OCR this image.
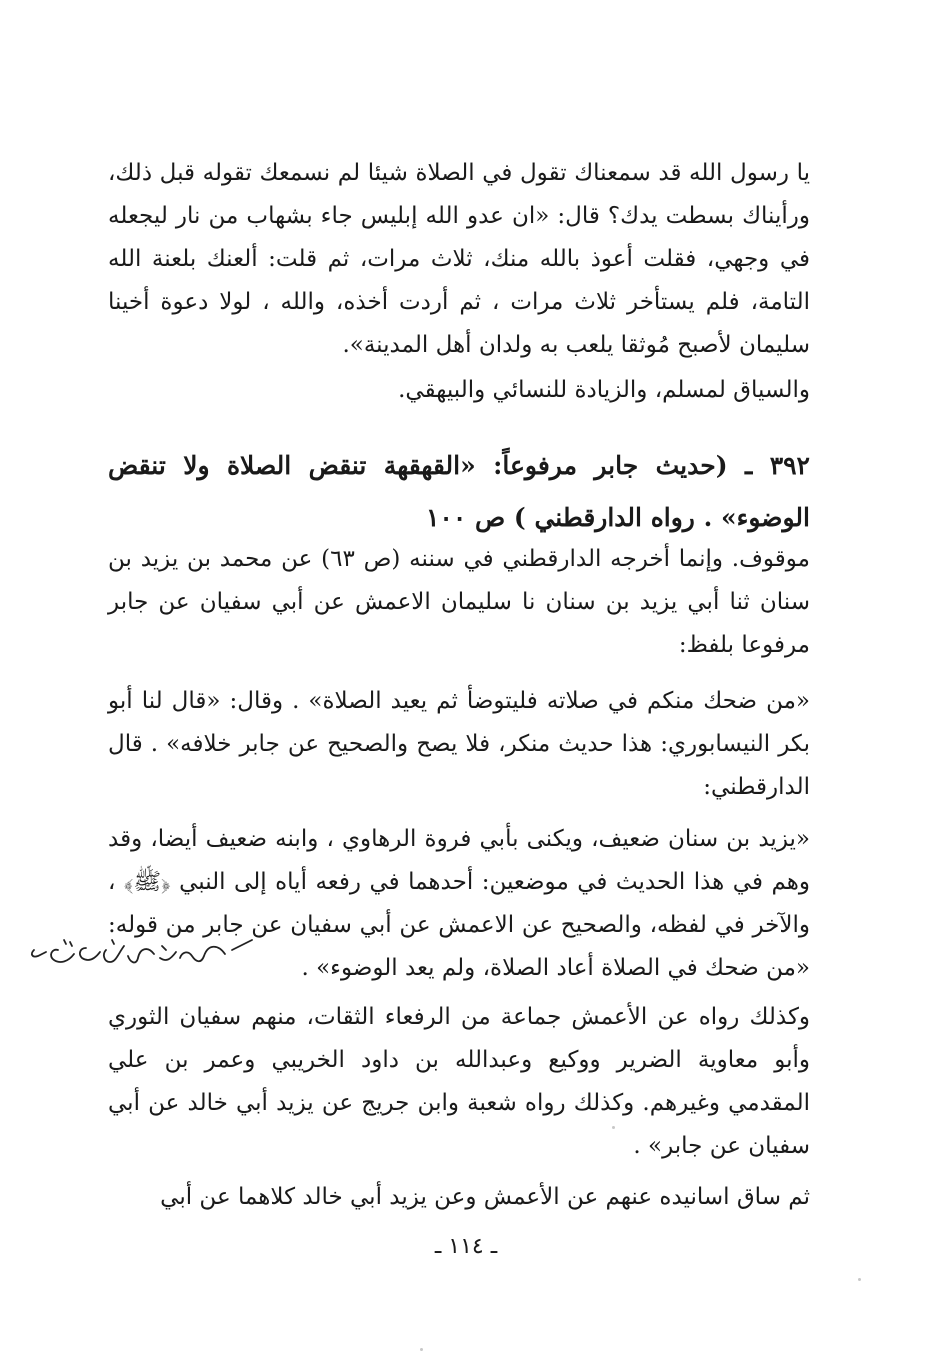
يا رسول الله قد سمعناك تقول في الصلاة شيئا لم نسمعك تقوله قبل ذلك، ورأيناك بسطت يدك؟ قال: «ان عدو الله إبليس جاء بشهاب من نار ليجعله في وجهي، فقلت أعوذ بالله منك، ثلاث مرات، ثم قلت: ألعنك بلعنة الله التامة، فلم يستأخر ثلاث مرات ، ثم أردت أخذه، والله ، لولا دعوة أخينا سليمان لأصبح مُوثقا يلعب به ولدان أهل المدينة».

والسياق لمسلم، والزيادة للنسائي والبيهقي.

٣٩٢ ـ (حديث جابر مرفوعاً: «القهقهة تنقض الصلاة ولا تنقض الوضوء» . رواه الدارقطني ) ص ١٠٠

موقوف. وإنما أخرجه الدارقطني في سننه (ص ٦٣) عن محمد بن يزيد بن سنان ثنا أبي يزيد بن سنان نا سليمان الاعمش عن أبي سفيان عن جابر مرفوعا بلفظ:

«من ضحك منكم في صلاته فليتوضأ ثم يعيد الصلاة» . وقال: «قال لنا أبو بكر النيسابوري: هذا حديث منكر، فلا يصح والصحيح عن جابر خلافه» . قال الدارقطني:

«يزيد بن سنان ضعيف، ويكنى بأبي فروة الرهاوي ، وابنه ضعيف أيضا، وقد وهم في هذا الحديث في موضعين: أحدهما في رفعه أياه إلى النبي ﴿ﷺ﴾ ، والآخر في لفظه، والصحيح عن الاعمش عن أبي سفيان عن جابر من قوله: «من ضحك في الصلاة أعاد الصلاة، ولم يعد الوضوء» .

وكذلك رواه عن الأعمش جماعة من الرفعاء الثقات، منهم سفيان الثوري وأبو معاوية الضرير ووكيع وعبدالله بن داود الخريبي وعمر بن علي المقدمي وغيرهم. وكذلك رواه شعبة وابن جريج عن يزيد أبي خالد عن أبي سفيان عن جابر» .

ثم ساق اسانيده عنهم عن الأعمش وعن يزيد أبي خالد كلاهما عن أبي

ـ ١١٤ ـ
